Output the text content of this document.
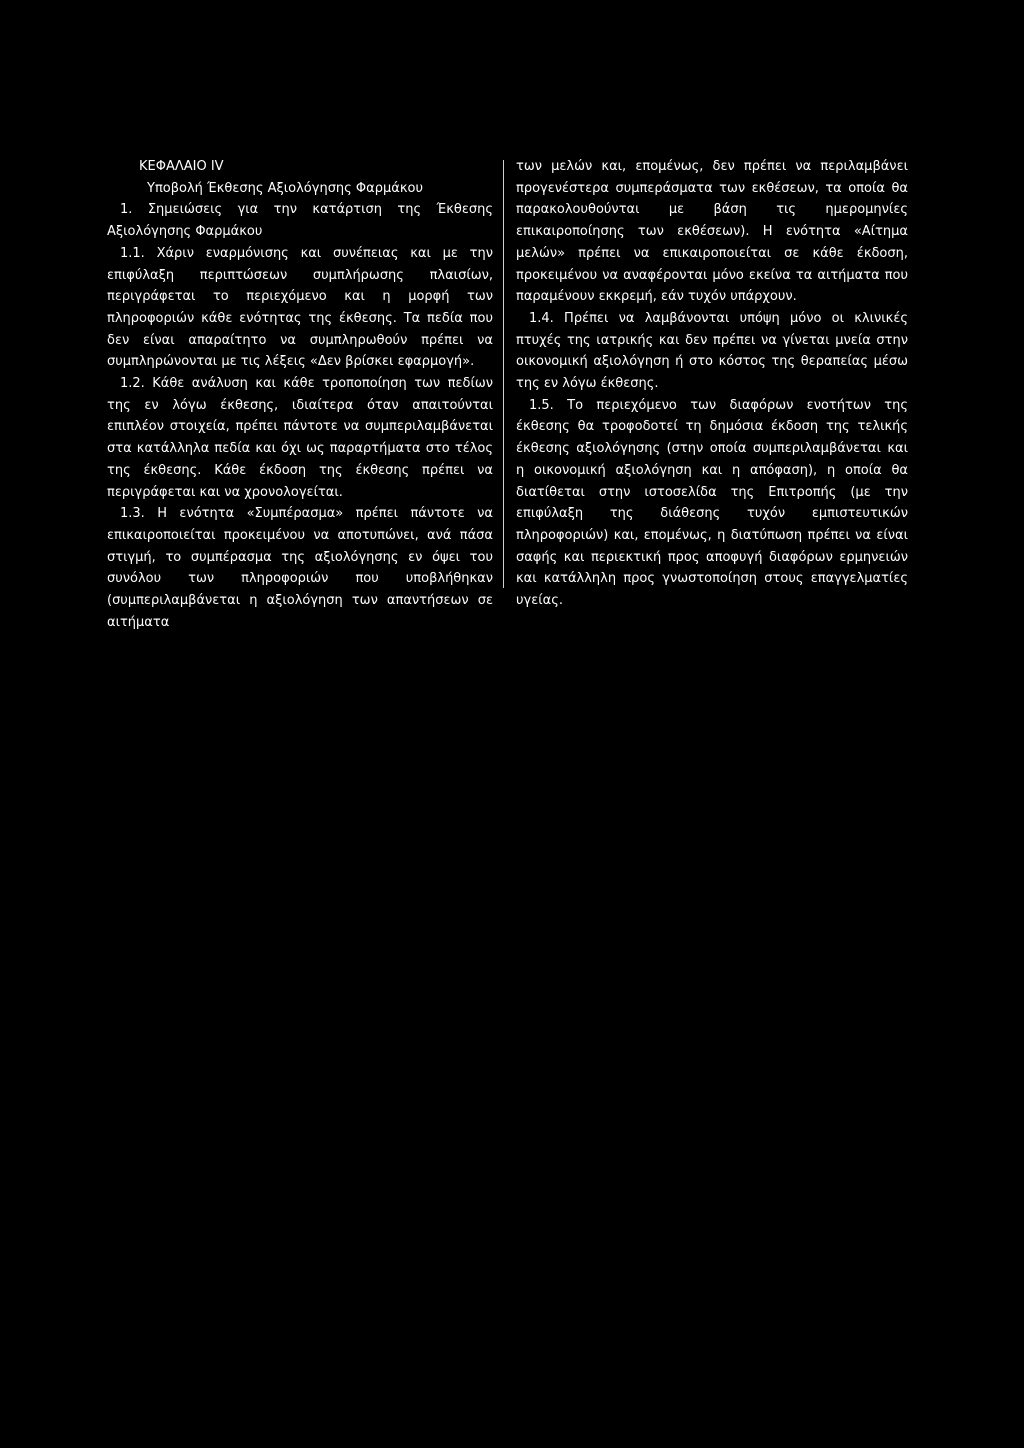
ΚΕΦΑΛΑΙΟ IV
Υποβολή Έκθεσης Αξιολόγησης Φαρμάκου
1. Σημειώσεις για την κατάρτιση της Έκθεσης Αξιολόγησης Φαρμάκου

1.1. Χάριν εναρμόνισης και συνέπειας και με την επιφύλαξη περιπτώσεων συμπλήρωσης πλαισίων, περιγράφεται το περιεχόμενο και η μορφή των πληροφοριών κάθε ενότητας της έκθεσης. Τα πεδία που δεν είναι απαραίτητο να συμπληρωθούν πρέπει να συμπληρώνονται με τις λέξεις «Δεν βρίσκει εφαρμογή».

1.2. Κάθε ανάλυση και κάθε τροποποίηση των πεδίων της εν λόγω έκθεσης, ιδιαίτερα όταν απαιτούνται επιπλέον στοιχεία, πρέπει πάντοτε να συμπεριλαμβάνεται στα κατάλληλα πεδία και όχι ως παραρτήματα στο τέλος της έκθεσης. Κάθε έκδοση της έκθεσης πρέπει να περιγράφεται και να χρονολογείται.

1.3. Η ενότητα «Συμπέρασμα» πρέπει πάντοτε να επικαιροποιείται προκειμένου να αποτυπώνει, ανά πάσα στιγμή, το συμπέρασμα της αξιολόγησης εν όψει του συνόλου των πληροφοριών που υποβλήθηκαν (συμπεριλαμβάνεται η αξιολόγηση των απαντήσεων σε αιτήματα

των μελών και, επομένως, δεν πρέπει να περιλαμβάνει προγενέστερα συμπεράσματα των εκθέσεων, τα οποία θα παρακολουθούνται με βάση τις ημερομηνίες επικαιροποίησης των εκθέσεων). Η ενότητα «Αίτημα μελών» πρέπει να επικαιροποιείται σε κάθε έκδοση, προκειμένου να αναφέρονται μόνο εκείνα τα αιτήματα που παραμένουν εκκρεμή, εάν τυχόν υπάρχουν.

1.4. Πρέπει να λαμβάνονται υπόψη μόνο οι κλινικές πτυχές της ιατρικής και δεν πρέπει να γίνεται μνεία στην οικονομική αξιολόγηση ή στο κόστος της θεραπείας μέσω της εν λόγω έκθεσης.

1.5. Το περιεχόμενο των διαφόρων ενοτήτων της έκθεσης θα τροφοδοτεί τη δημόσια έκδοση της τελικής έκθεσης αξιολόγησης (στην οποία συμπεριλαμβάνεται και η οικονομική αξιολόγηση και η απόφαση), η οποία θα διατίθεται στην ιστοσελίδα της Επιτροπής (με την επιφύλαξη της διάθεσης τυχόν εμπιστευτικών πληροφοριών) και, επομένως, η διατύπωση πρέπει να είναι σαφής και περιεκτική προς αποφυγή διαφόρων ερμηνειών και κατάλληλη προς γνωστοποίηση στους επαγγελματίες υγείας.
